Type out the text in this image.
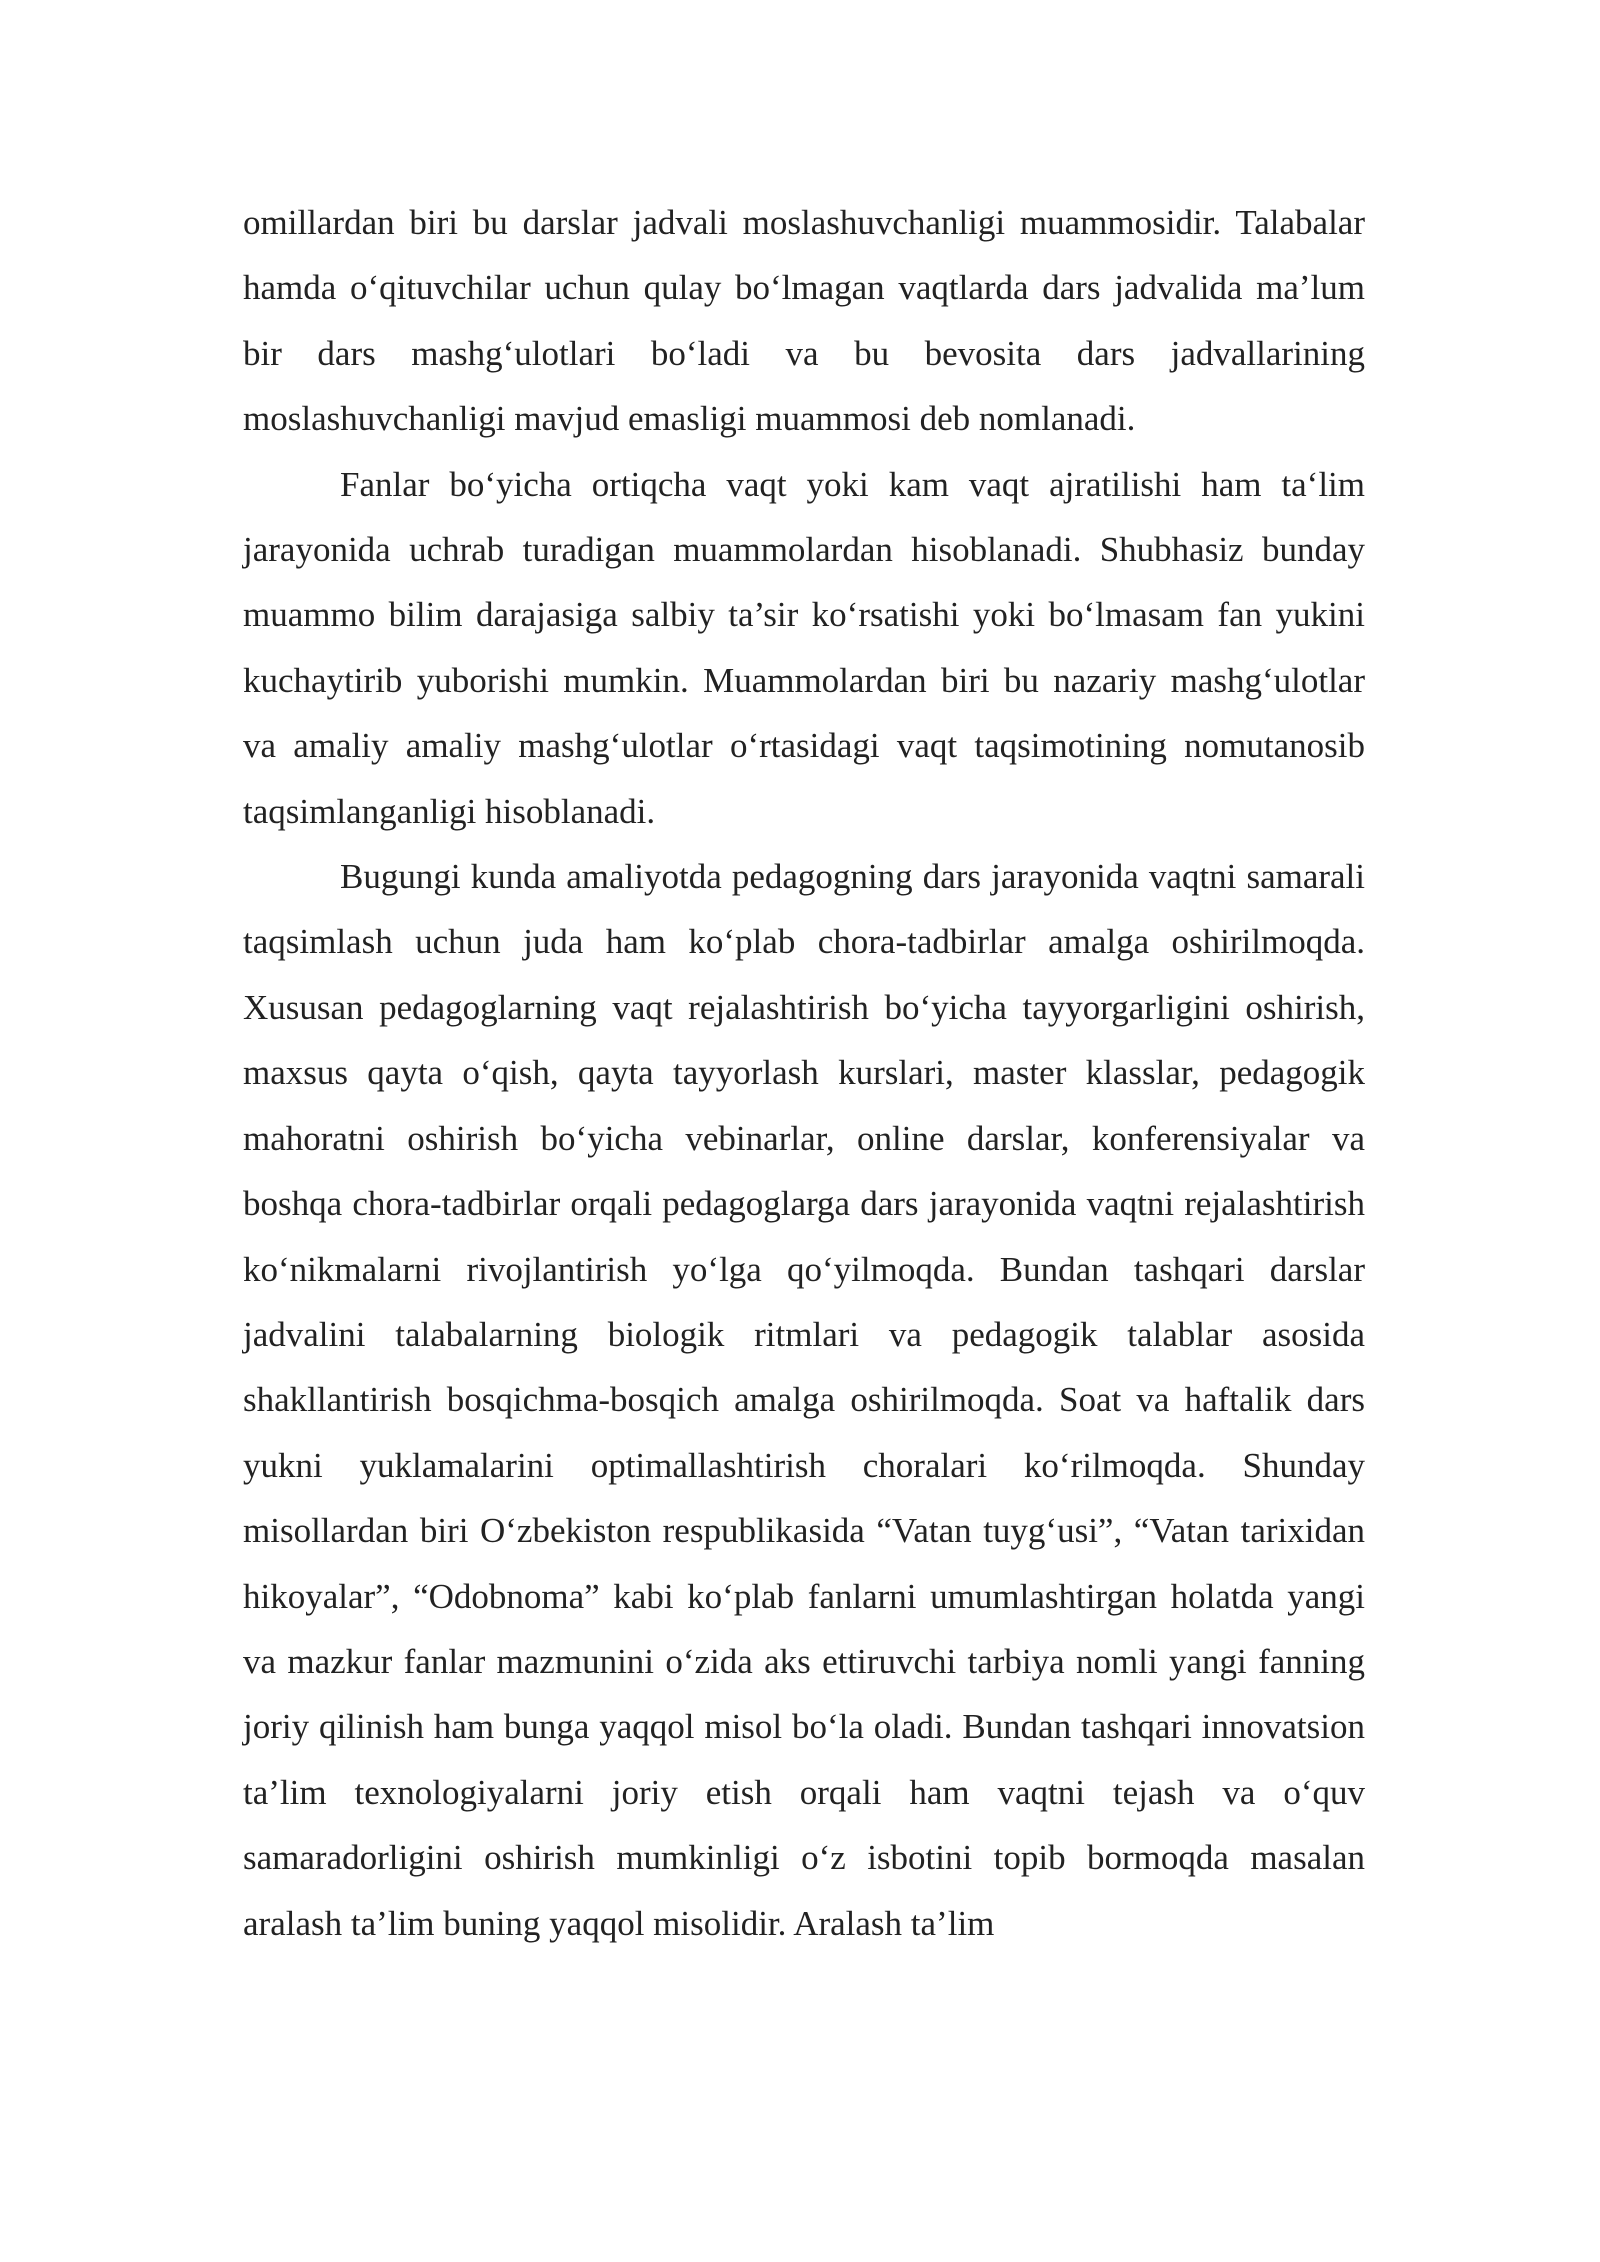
omillardan biri bu darslar jadvali moslashuvchanligi muammosidir. Talabalar hamda o‘qituvchilar uchun qulay bo‘lmagan vaqtlarda dars jadvalida ma’lum bir dars mashg‘ulotlari bo‘ladi va bu bevosita dars jadvallarining moslashuvchanligi mavjud emasligi muammosi deb nomlanadi.

Fanlar bo‘yicha ortiqcha vaqt yoki kam vaqt ajratilishi ham ta‘lim jarayonida uchrab turadigan muammolardan hisoblanadi. Shubhasiz bunday muammo bilim darajasiga salbiy ta’sir ko‘rsatishi yoki bo‘lmasam fan yukini kuchaytirib yuborishi mumkin. Muammolardan biri bu nazariy mashg‘ulotlar va amaliy amaliy mashg‘ulotlar o‘rtasidagi vaqt taqsimotining nomutanosib taqsimlanganligi hisoblanadi.

Bugungi kunda amaliyotda pedagogning dars jarayonida vaqtni samarali taqsimlash uchun juda ham ko‘plab chora-tadbirlar amalga oshirilmoqda. Xususan pedagoglarning vaqt rejalashtirish bo‘yicha tayyorgarligini oshirish, maxsus qayta o‘qish, qayta tayyorlash kurslari, master klasslar, pedagogik mahoratni oshirish bo‘yicha vebinarlar, online darslar, konferensiyalar va boshqa chora-tadbirlar orqali pedagoglarga dars jarayonida vaqtni rejalashtirish ko‘nikmalarni rivojlantirish yo‘lga qo‘yilmoqda. Bundan tashqari darslar jadvalini talabalarning biologik ritmlari va pedagogik talablar asosida shakllantirish bosqichma-bosqich amalga oshirilmoqda. Soat va haftalik dars yukni yuklamalarini optimallashtirish choralari ko‘rilmoqda. Shunday misollardan biri O‘zbekiston respublikasida “Vatan tuyg‘usi”, “Vatan tarixidan hikoyalar”, “Odobnoma” kabi ko‘plab fanlarni umumlashtirgan holatda yangi va mazkur fanlar mazmunini o‘zida aks ettiruvchi tarbiya nomli yangi fanning joriy qilinish ham bunga yaqqol misol bo‘la oladi. Bundan tashqari innovatsion ta’lim texnologiyalarni joriy etish orqali ham vaqtni tejash va o‘quv samaradorligini oshirish mumkinligi o‘z isbotini topib bormoqda masalan aralash ta’lim buning yaqqol misolidir. Aralash ta’lim
